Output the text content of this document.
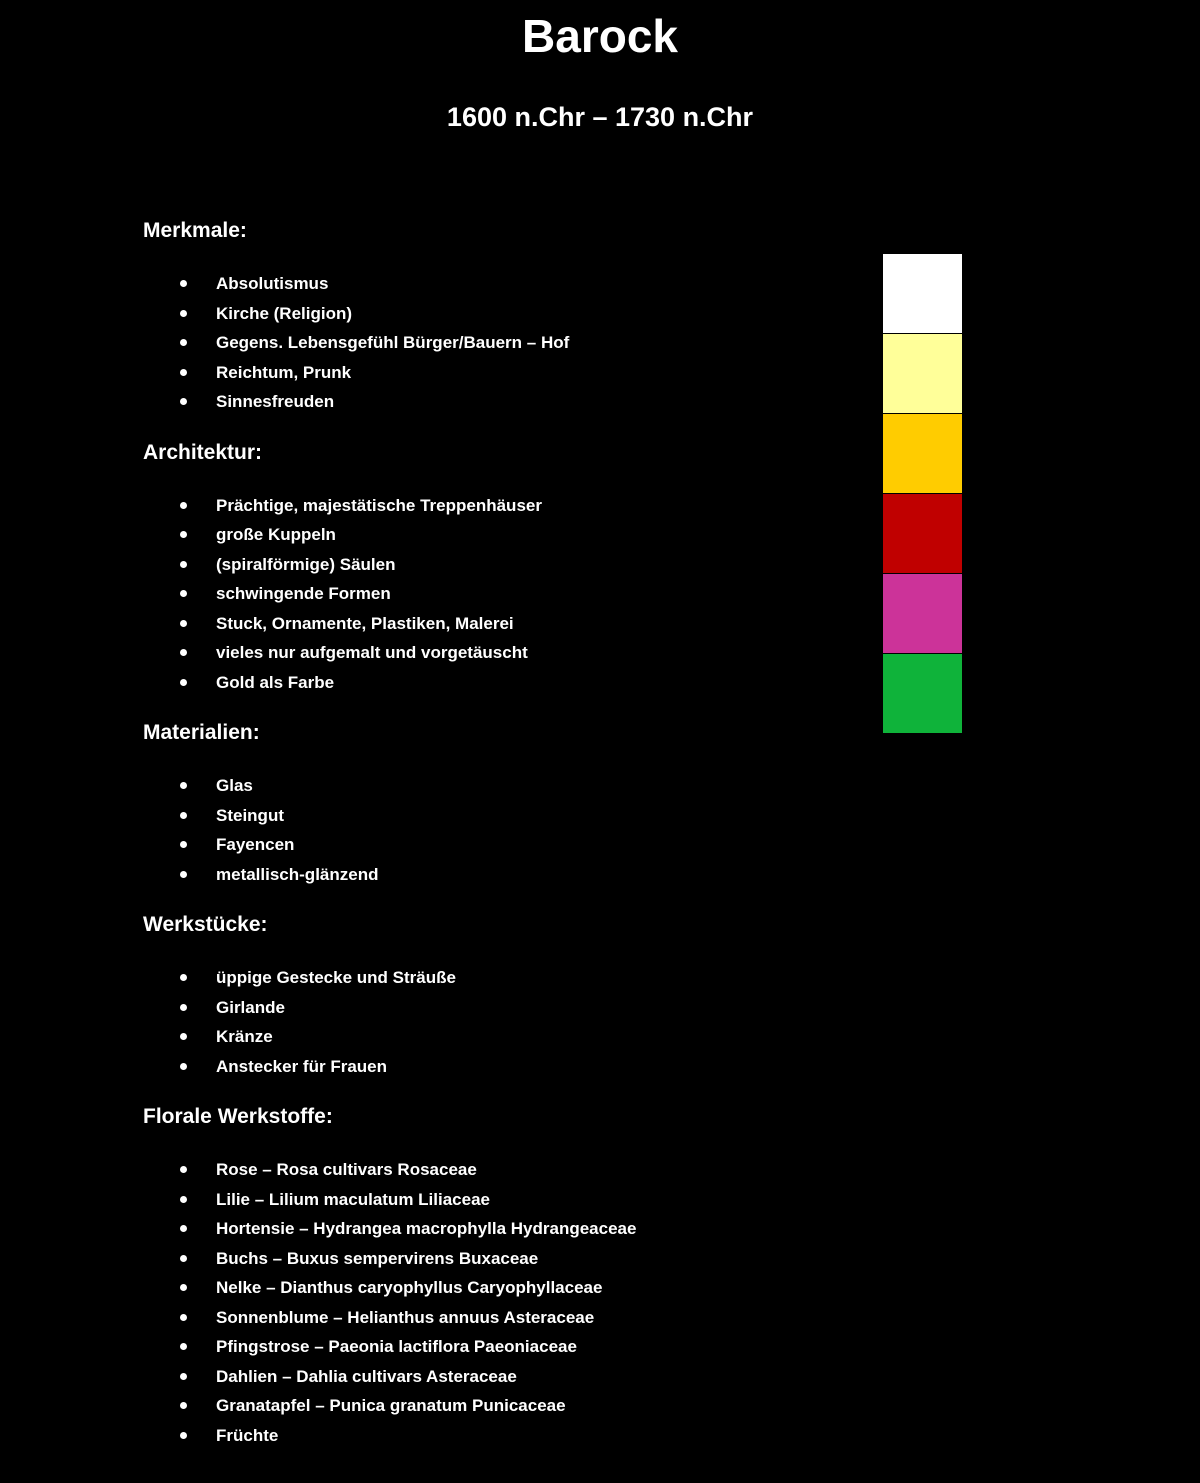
Barock
1600 n.Chr – 1730 n.Chr
Merkmale:
Absolutismus
Kirche (Religion)
Gegens. Lebensgefühl Bürger/Bauern – Hof
Reichtum, Prunk
Sinnesfreuden
Architektur:
Prächtige, majestätische Treppenhäuser
große Kuppeln
(spiralförmige) Säulen
schwingende Formen
Stuck, Ornamente, Plastiken, Malerei
vieles nur aufgemalt und vorgetäuscht
Gold als Farbe
Materialien:
Glas
Steingut
Fayencen
metallisch-glänzend
Werkstücke:
üppige Gestecke und Sträuße
Girlande
Kränze
Anstecker für Frauen
Florale Werkstoffe:
Rose – Rosa cultivars Rosaceae
Lilie – Lilium maculatum Liliaceae
Hortensie – Hydrangea macrophylla Hydrangeaceae
Buchs – Buxus sempervirens Buxaceae
Nelke – Dianthus caryophyllus Caryophyllaceae
Sonnenblume – Helianthus annuus Asteraceae
Pfingstrose – Paeonia lactiflora Paeoniaceae
Dahlien – Dahlia cultivars Asteraceae
Granatapfel – Punica granatum Punicaceae
Früchte
